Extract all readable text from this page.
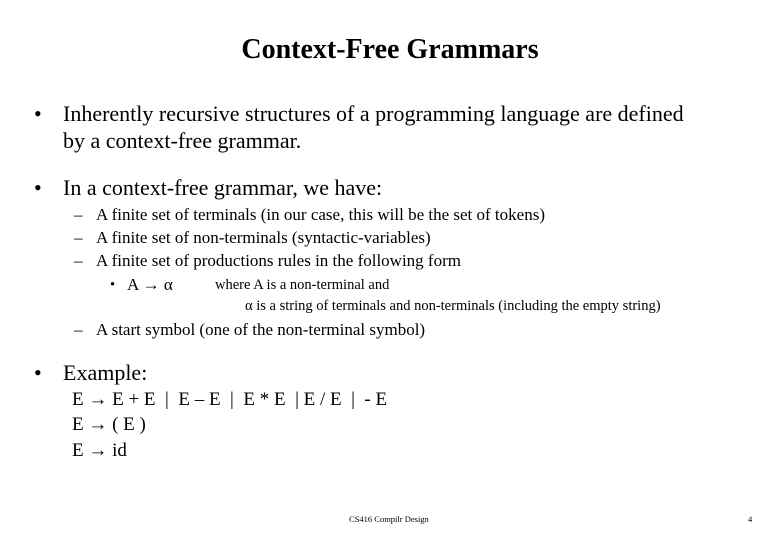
Context-Free Grammars
• Inherently recursive structures of a programming language are defined
by a context-free grammar.
• In a context-free grammar, we have:
– A finite set of terminals (in our case, this will be the set of tokens)
– A finite set of non-terminals (syntactic-variables)
– A finite set of productions rules in the following form
• A → α	where A is a non-terminal and
α is a string of terminals and non-terminals (including the empty string)
– A start symbol (one of the non-terminal symbol)
• Example:
E → E + E  |  E – E  |  E * E  | E / E  |  - E
E → ( E )
E → id
CS416 Compilr Design	4
